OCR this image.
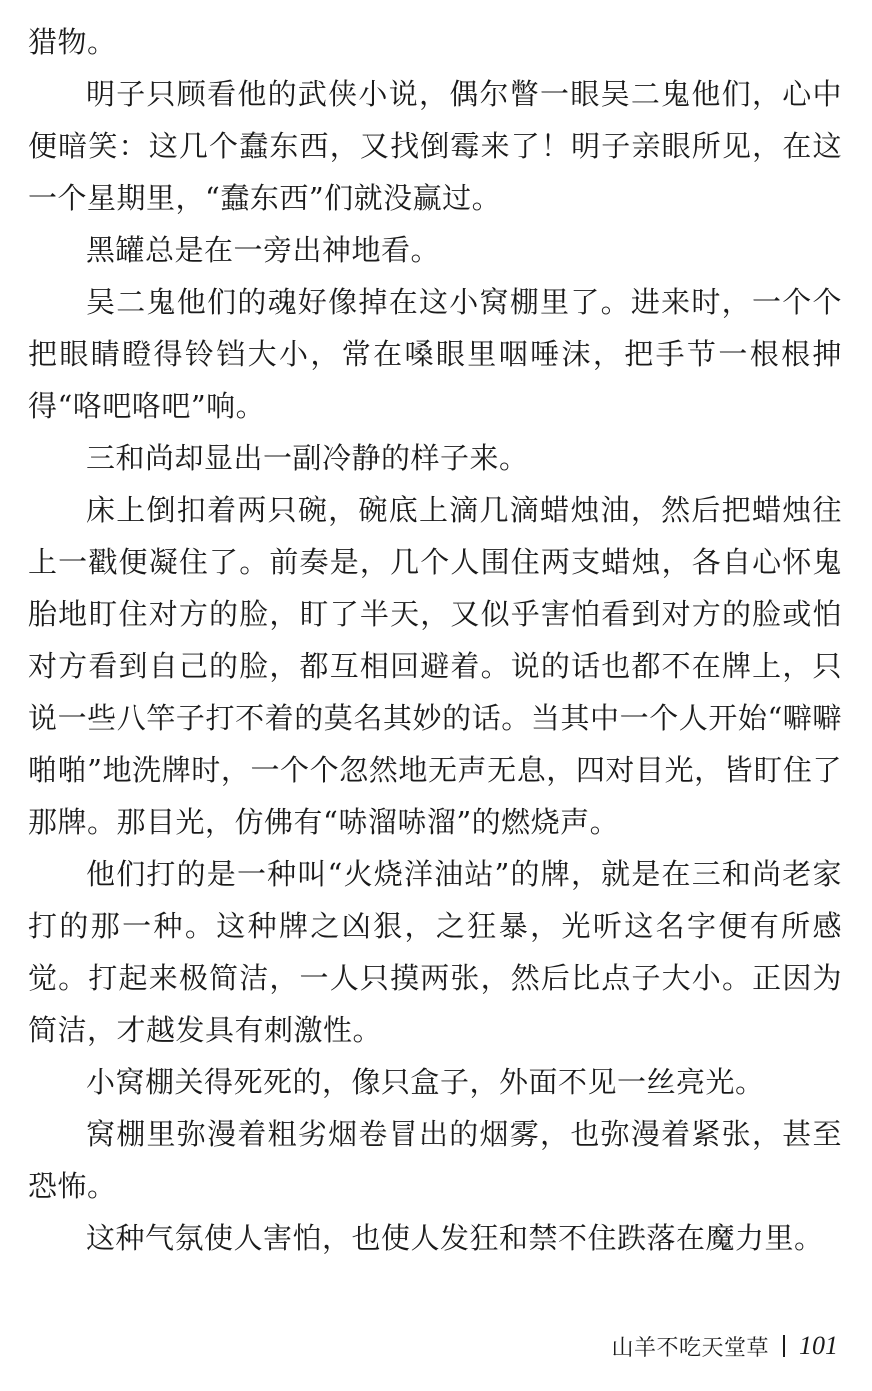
猎物。

明子只顾看他的武侠小说，偶尔瞥一眼吴二鬼他们，心中便暗笑：这几个蠢东西，又找倒霉来了！明子亲眼所见，在这一个星期里，“蠢东西”们就没赢过。

黑罐总是在一旁出神地看。

吴二鬼他们的魂好像掉在这小窝棚里了。进来时，一个个把眼睛瞪得铃铛大小，常在嗓眼里咽唾沫，把手节一根根抻得“咯吧咯吧”响。

三和尚却显出一副冷静的样子来。

床上倒扣着两只碗，碗底上滴几滴蜡烛油，然后把蜡烛往上一戳便凝住了。前奏是，几个人围住两支蜡烛，各自心怀鬼胎地盯住对方的脸，盯了半天，又似乎害怕看到对方的脸或怕对方看到自己的脸，都互相回避着。说的话也都不在牌上，只说一些八竿子打不着的莫名其妙的话。当其中一个人开始“噼噼啪啪”地洗牌时，一个个忽然地无声无息，四对目光，皆盯住了那牌。那目光，仿佛有“哧溜哧溜”的燃烧声。

他们打的是一种叫“火烧洋油站”的牌，就是在三和尚老家打的那一种。这种牌之凶狠，之狂暴，光听这名字便有所感觉。打起来极简洁，一人只摸两张，然后比点子大小。正因为简洁，才越发具有刺激性。

小窝棚关得死死的，像只盒子，外面不见一丝亮光。

窝棚里弥漫着粗劣烟卷冒出的烟雾，也弥漫着紧张，甚至恐怖。

这种气氛使人害怕，也使人发狂和禁不住跌落在魔力里。

山羊不吃天堂草 101
